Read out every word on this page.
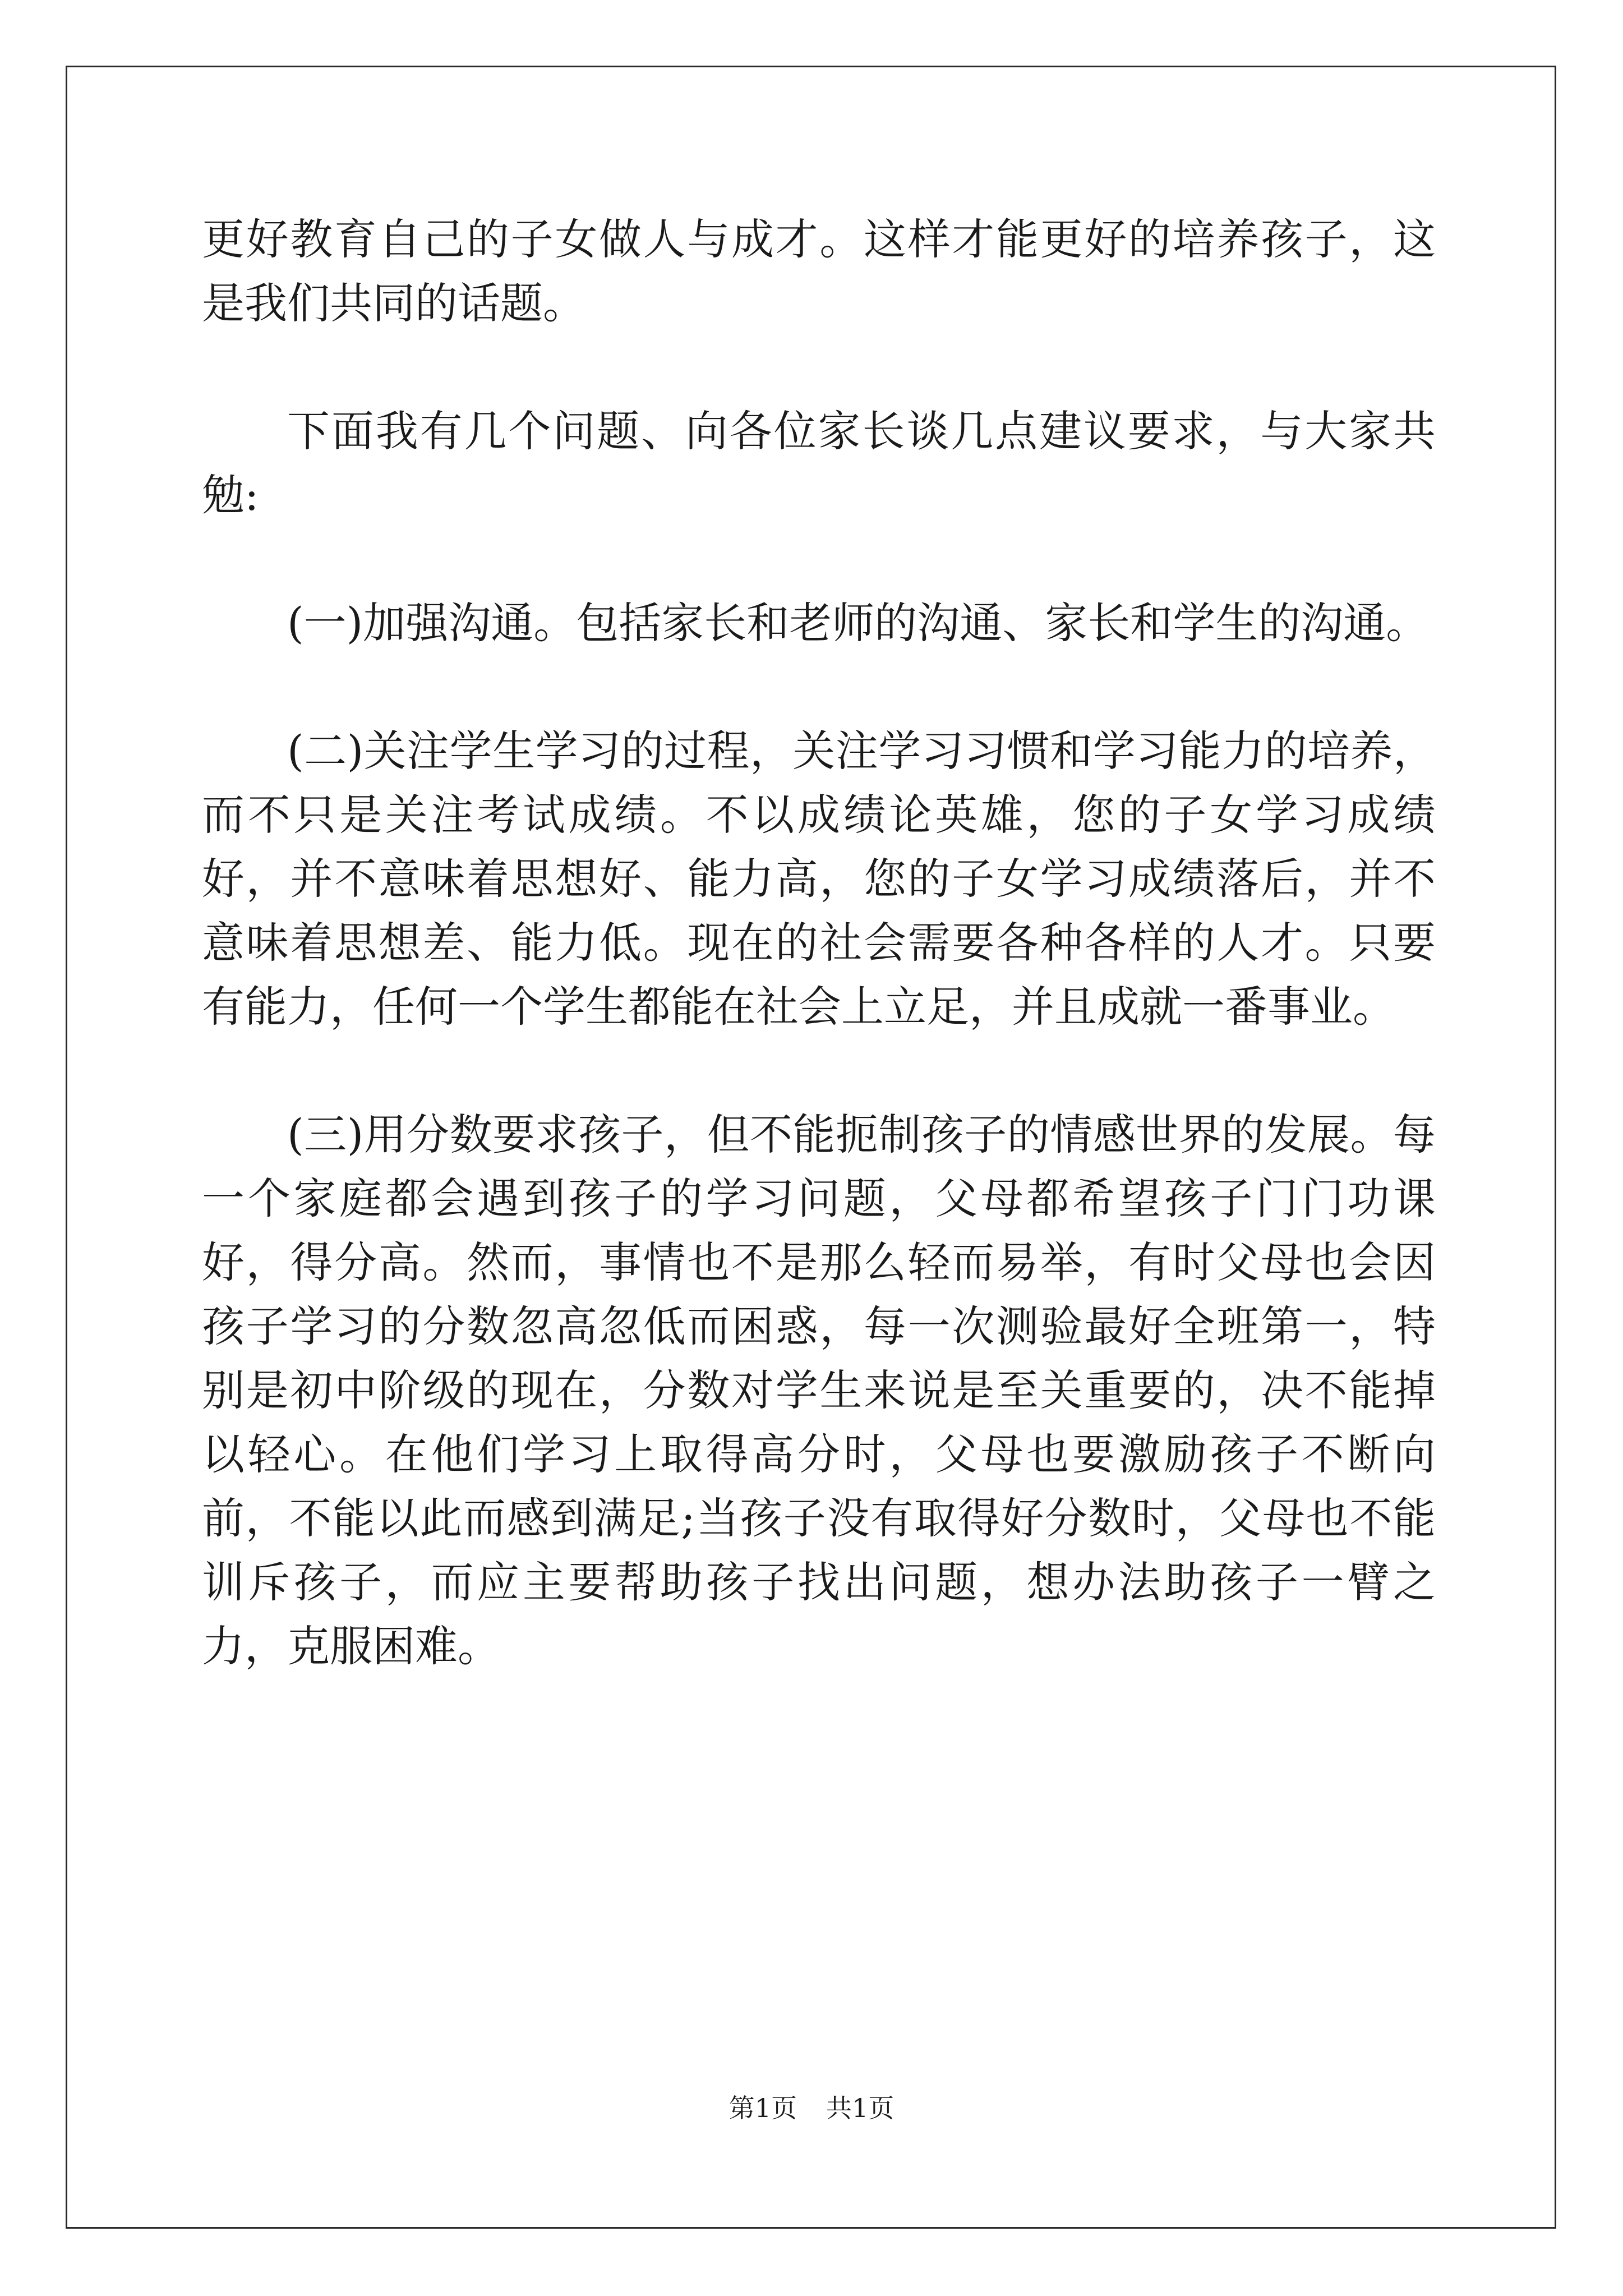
更好教育自己的子女做人与成才。这样才能更好的培养孩子，这是我们共同的话题。

下面我有几个问题、向各位家长谈几点建议要求，与大家共勉:

(一)加强沟通。包括家长和老师的沟通、家长和学生的沟通。

(二)关注学生学习的过程，关注学习习惯和学习能力的培养，而不只是关注考试成绩。不以成绩论英雄，您的子女学习成绩好，并不意味着思想好、能力高，您的子女学习成绩落后，并不意味着思想差、能力低。现在的社会需要各种各样的人才。只要有能力，任何一个学生都能在社会上立足，并且成就一番事业。

(三)用分数要求孩子，但不能扼制孩子的情感世界的发展。每一个家庭都会遇到孩子的学习问题，父母都希望孩子门门功课好，得分高。然而，事情也不是那么轻而易举，有时父母也会因孩子学习的分数忽高忽低而困惑，每一次测验最好全班第一，特别是初中阶级的现在，分数对学生来说是至关重要的，决不能掉以轻心。在他们学习上取得高分时，父母也要激励孩子不断向前，不能以此而感到满足;当孩子没有取得好分数时，父母也不能训斥孩子，而应主要帮助孩子找出问题，想办法助孩子一臂之力，克服困难。

第1页 共1页
